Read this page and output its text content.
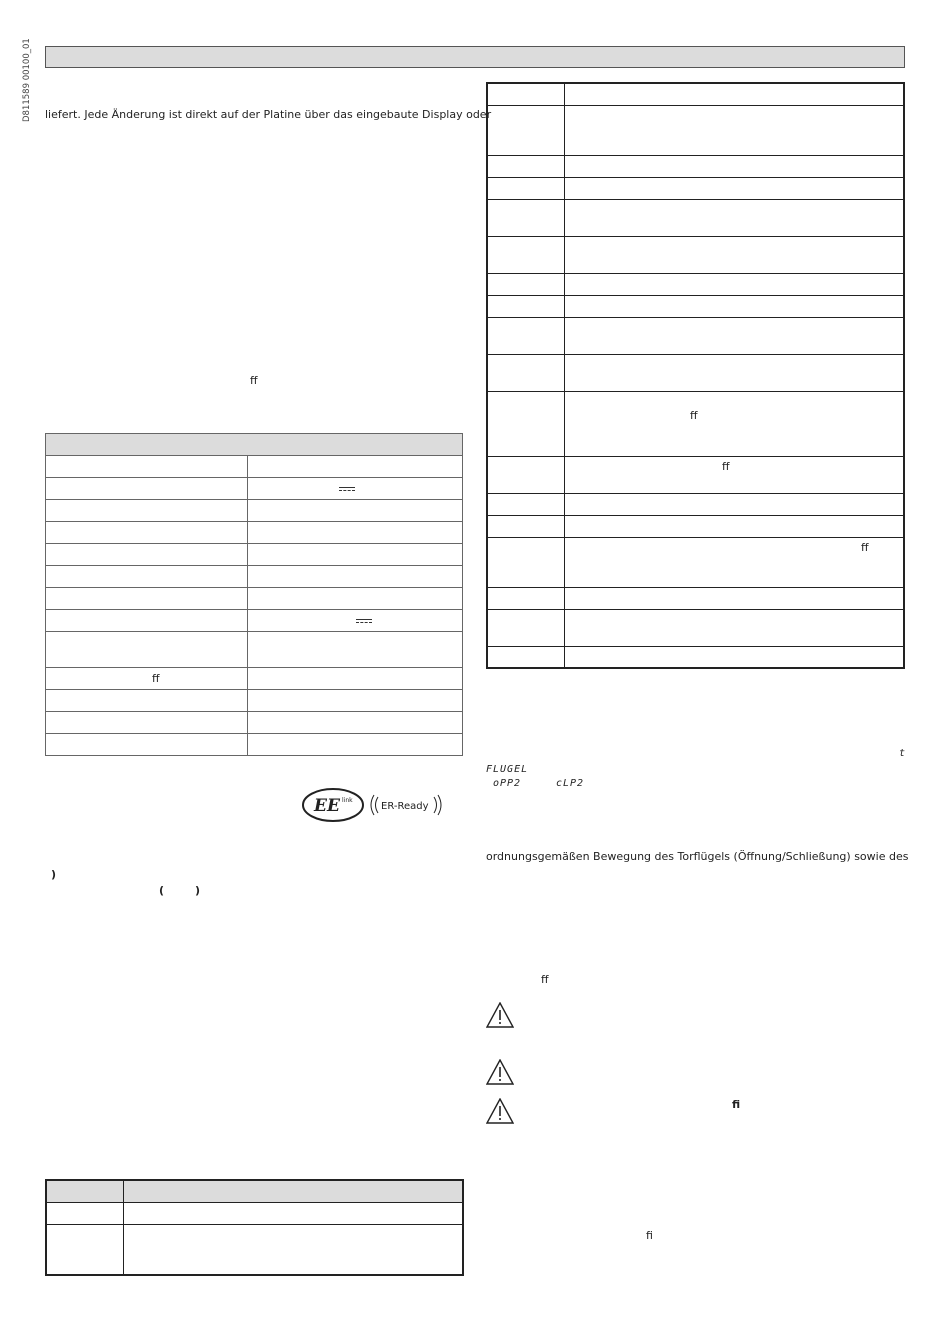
D811589 00100_01 liefert. Jede Änderung ist direkt auf der Platine über das eingebaute Display oder
ff

ff	

EE link
ER-Ready
)
(	)

	ff

	ff

	ff

FLUGEL
oPP2	cLP2
t
ordnungsgemäßen Bewegung des Torflügels (Öffnung/Schließung) sowie des
ff
fi
fi
